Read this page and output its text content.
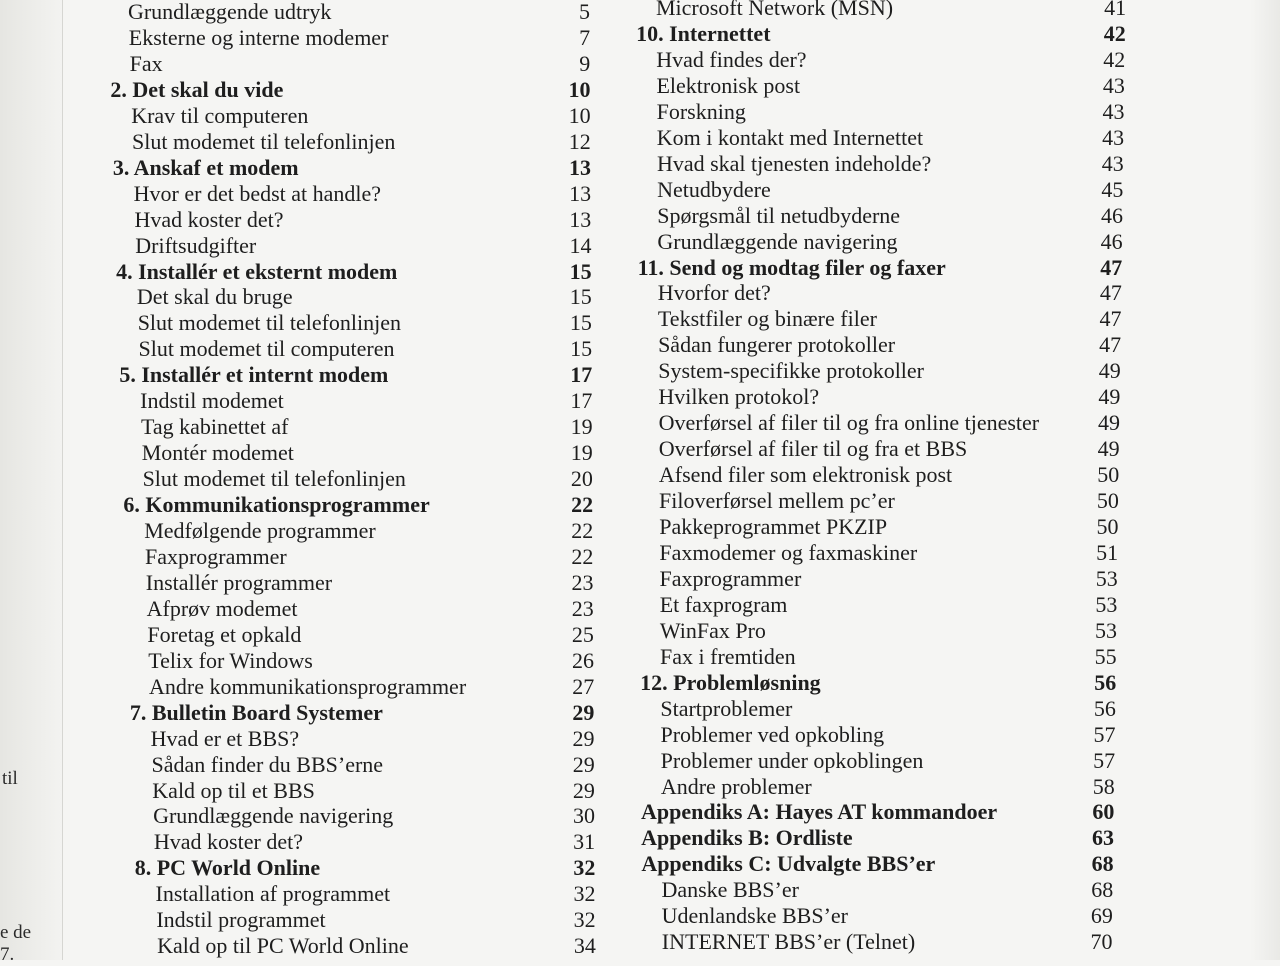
til
e de
7.
Grundlæggende udtryk	5
Eksterne og interne modemer	7
Fax	9
2. Det skal du vide	10
Krav til computeren	10
Slut modemet til telefonlinjen	12
3. Anskaf et modem	13
Hvor er det bedst at handle?	13
Hvad koster det?	13
Driftsudgifter	14
4. Installér et eksternt modem	15
Det skal du bruge	15
Slut modemet til telefonlinjen	15
Slut modemet til computeren	15
5. Installér et internt modem	17
Indstil modemet	17
Tag kabinettet af	19
Montér modemet	19
Slut modemet til telefonlinjen	20
6. Kommunikationsprogrammer	22
Medfølgende programmer	22
Faxprogrammer	22
Installér programmer	23
Afprøv modemet	23
Foretag et opkald	25
Telix for Windows	26
Andre kommunikationsprogrammer	27
7. Bulletin Board Systemer	29
Hvad er et BBS?	29
Sådan finder du BBS’erne	29
Kald op til et BBS	29
Grundlæggende navigering	30
Hvad koster det?	31
8. PC World Online	32
Installation af programmet	32
Indstil programmet	32
Kald op til PC World Online	34
Microsoft Network (MSN)	41
10. Internettet	42
Hvad findes der?	42
Elektronisk post	43
Forskning	43
Kom i kontakt med Internettet	43
Hvad skal tjenesten indeholde?	43
Netudbydere	45
Spørgsmål til netudbyderne	46
Grundlæggende navigering	46
11. Send og modtag filer og faxer	47
Hvorfor det?	47
Tekstfiler og binære filer	47
Sådan fungerer protokoller	47
System-specifikke protokoller	49
Hvilken protokol?	49
Overførsel af filer til og fra online tjenester	49
Overførsel af filer til og fra et BBS	49
Afsend filer som elektronisk post	50
Filoverførsel mellem pc’er	50
Pakkeprogrammet PKZIP	50
Faxmodemer og faxmaskiner	51
Faxprogrammer	53
Et faxprogram	53
WinFax Pro	53
Fax i fremtiden	55
12. Problemløsning	56
Startproblemer	56
Problemer ved opkobling	57
Problemer under opkoblingen	57
Andre problemer	58
Appendiks A: Hayes AT kommandoer	60
Appendiks B: Ordliste	63
Appendiks C: Udvalgte BBS’er	68
Danske BBS’er	68
Udenlandske BBS’er	69
INTERNET BBS’er (Telnet)	70
